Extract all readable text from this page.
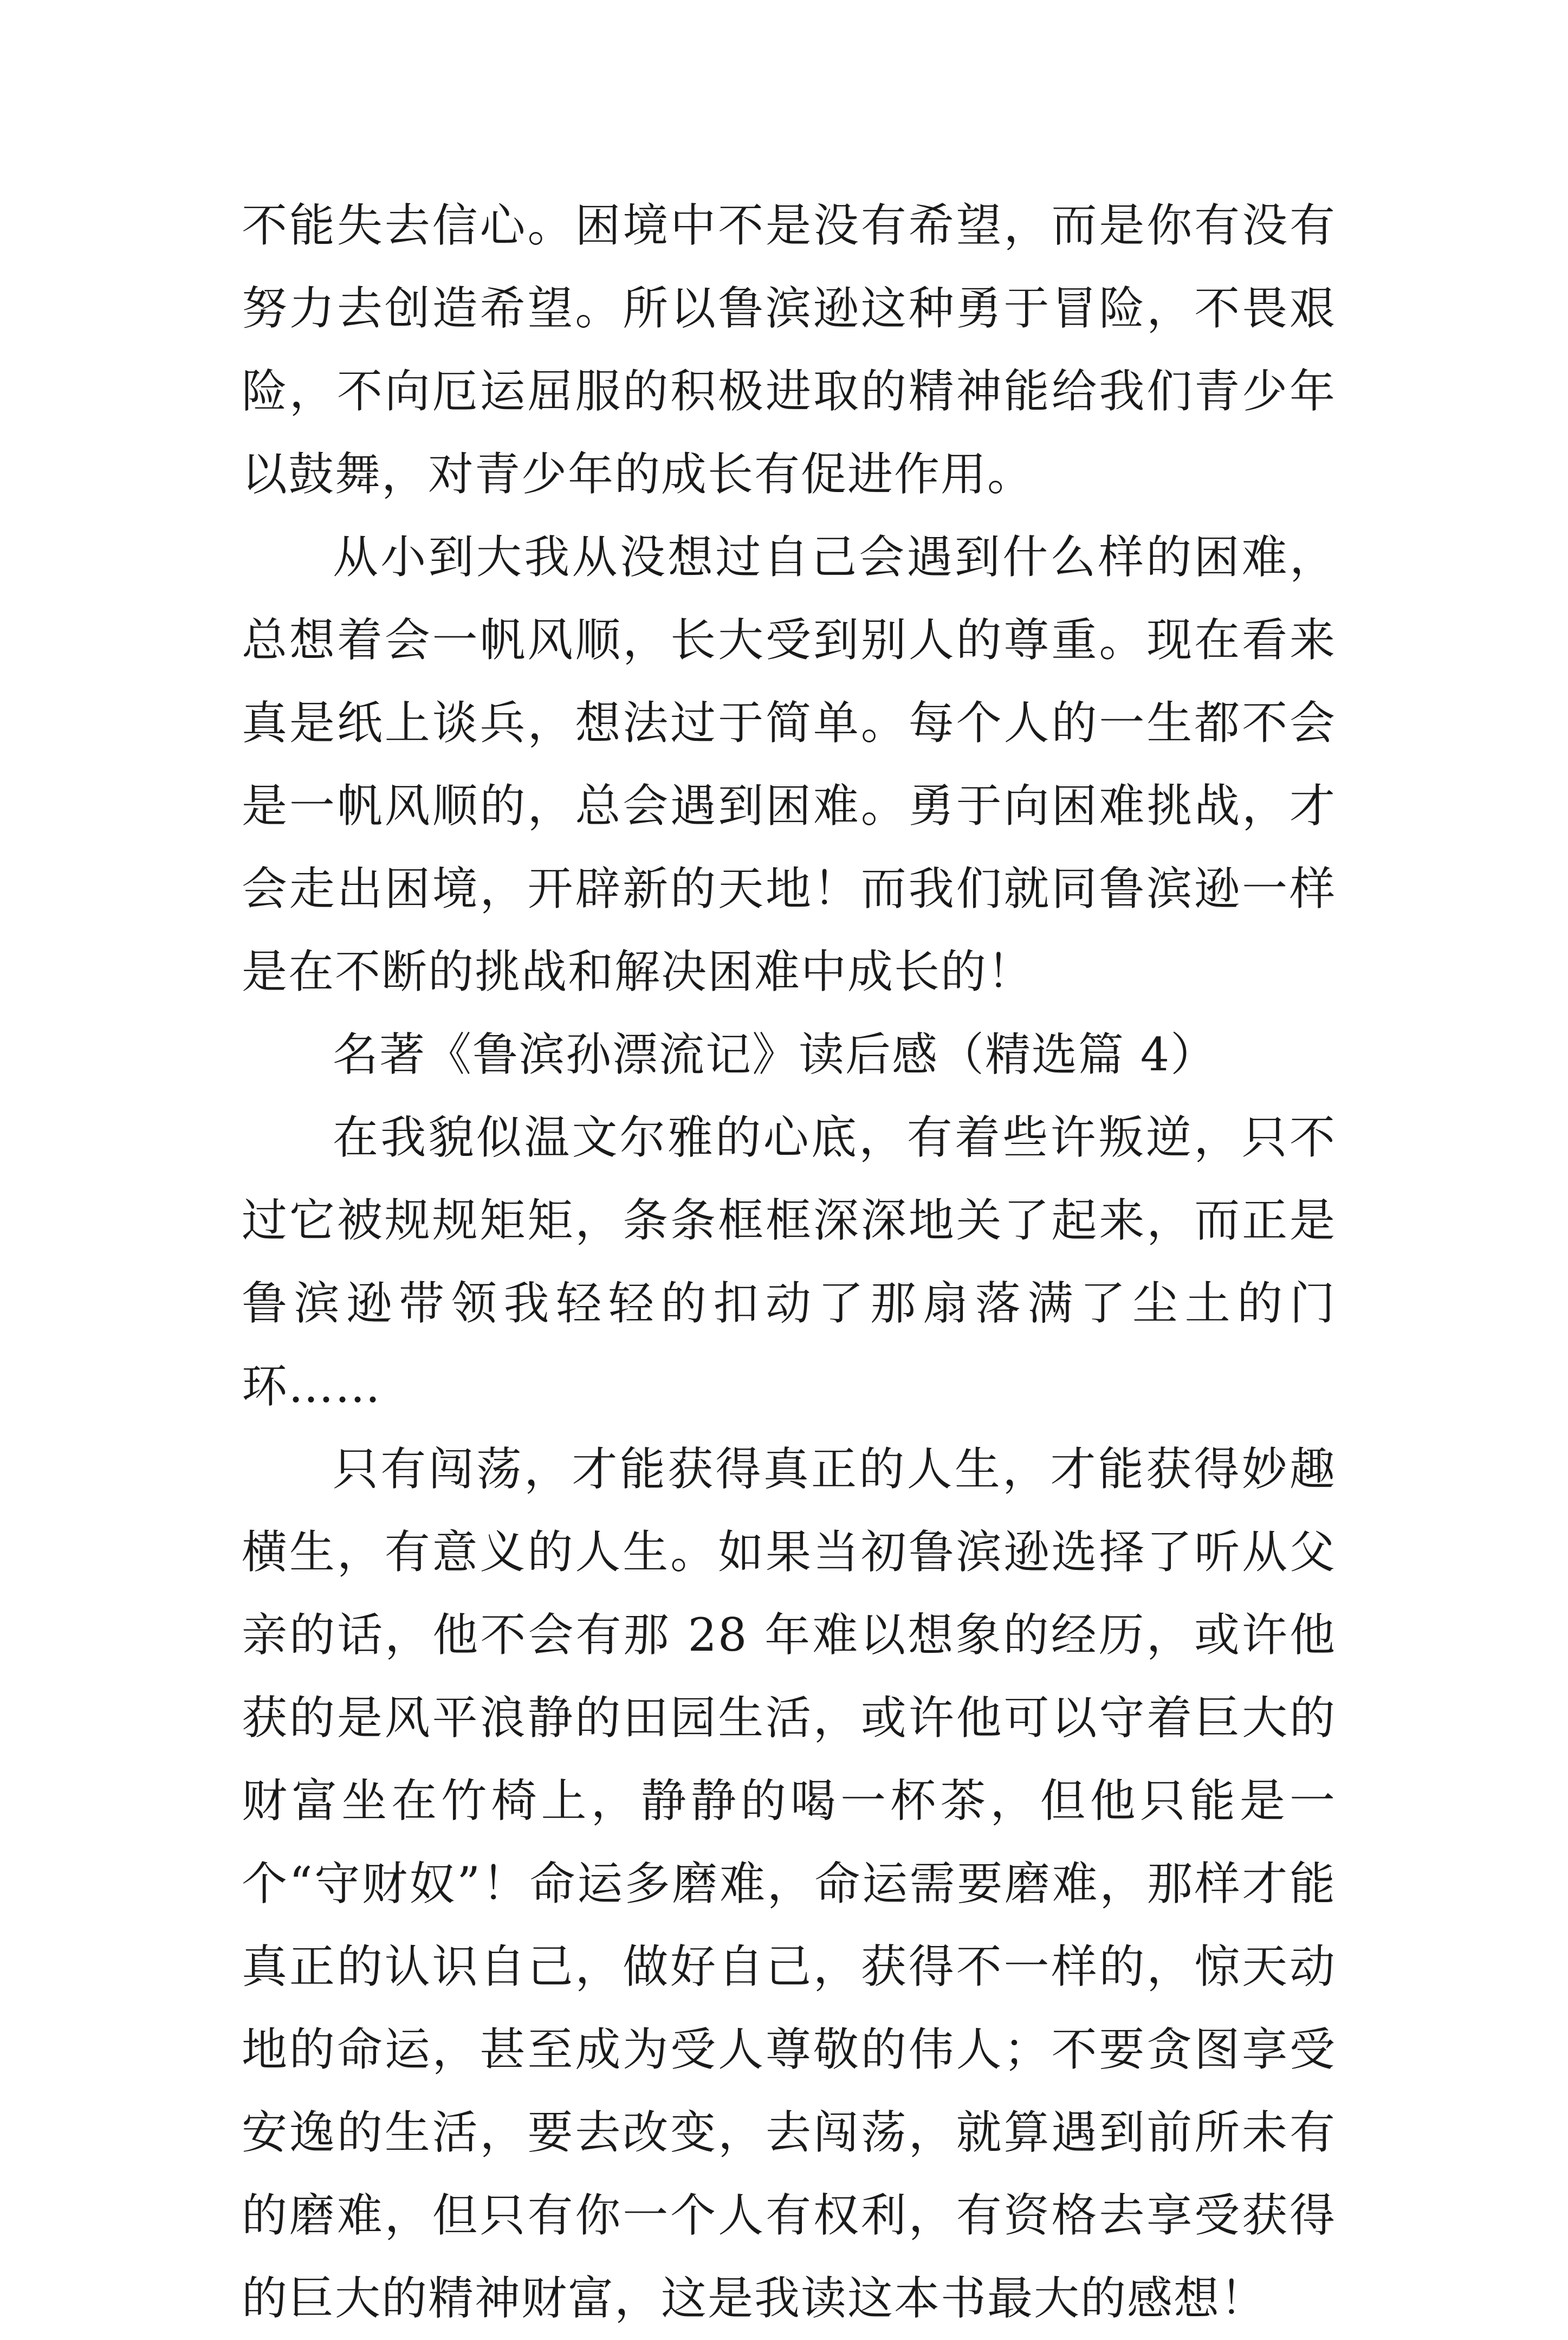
不能失去信心。困境中不是没有希望，而是你有没有努力去创造希望。所以鲁滨逊这种勇于冒险，不畏艰险，不向厄运屈服的积极进取的精神能给我们青少年以鼓舞，对青少年的成长有促进作用。

从小到大我从没想过自己会遇到什么样的困难，总想着会一帆风顺，长大受到别人的尊重。现在看来真是纸上谈兵，想法过于简单。每个人的一生都不会是一帆风顺的，总会遇到困难。勇于向困难挑战，才会走出困境，开辟新的天地！而我们就同鲁滨逊一样是在不断的挑战和解决困难中成长的！

名著《鲁滨孙漂流记》读后感（精选篇 4）

在我貌似温文尔雅的心底，有着些许叛逆，只不过它被规规矩矩，条条框框深深地关了起来，而正是鲁滨逊带领我轻轻的扣动了那扇落满了尘土的门环……

只有闯荡，才能获得真正的人生，才能获得妙趣横生，有意义的人生。如果当初鲁滨逊选择了听从父亲的话，他不会有那 28 年难以想象的经历，或许他获的是风平浪静的田园生活，或许他可以守着巨大的财富坐在竹椅上，静静的喝一杯茶，但他只能是一个“守财奴”！命运多磨难，命运需要磨难，那样才能真正的认识自己，做好自己，获得不一样的，惊天动地的命运，甚至成为受人尊敬的伟人；不要贪图享受安逸的生活，要去改变，去闯荡，就算遇到前所未有的磨难，但只有你一个人有权利，有资格去享受获得的巨大的精神财富，这是我读这本书最大的感想！
